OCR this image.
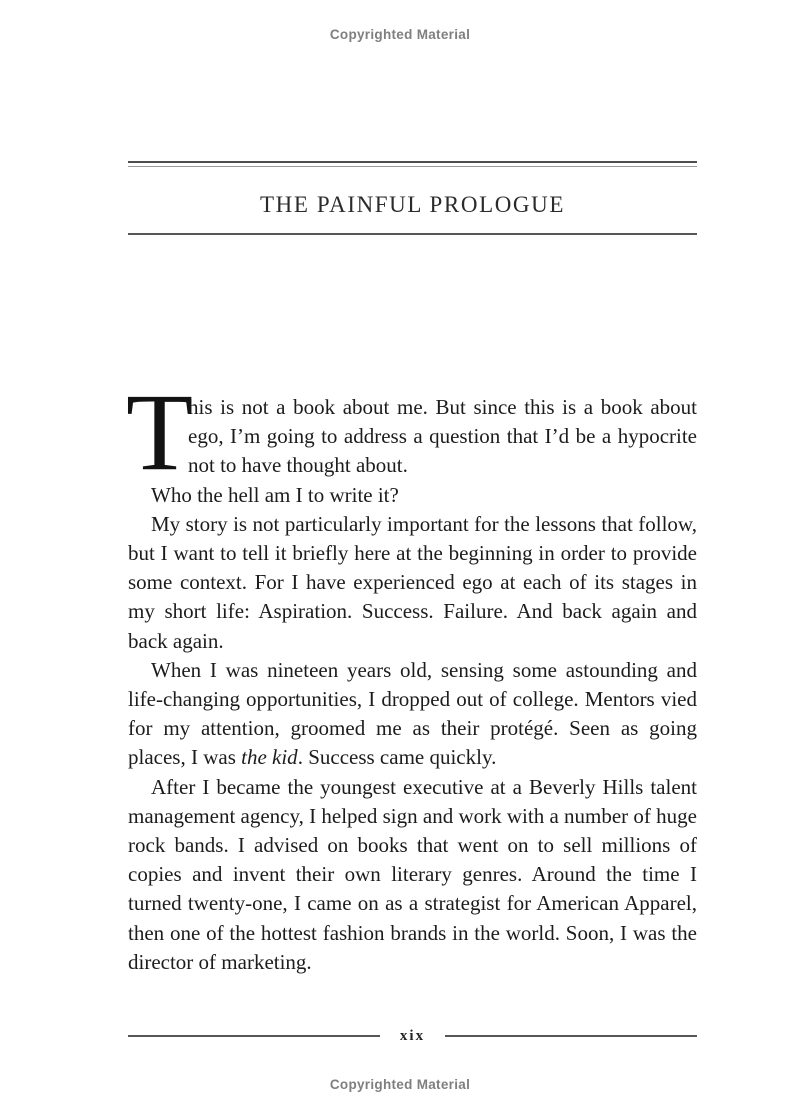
Copyrighted Material
THE PAINFUL PROLOGUE

T
his is not a book about me. But since this is a book about ego, I’m going to address a question that I’d be a hypocrite not to have thought about.

Who the hell am I to write it?

My story is not particularly important for the lessons that follow, but I want to tell it briefly here at the beginning in order to provide some context. For I have experienced ego at each of its stages in my short life: Aspiration. Success. Failure. And back again and back again.

When I was nineteen years old, sensing some astounding and life-changing opportunities, I dropped out of college. Mentors vied for my attention, groomed me as their protégé. Seen as going places, I was the kid. Success came quickly.

After I became the youngest executive at a Beverly Hills talent management agency, I helped sign and work with a number of huge rock bands. I advised on books that went on to sell millions of copies and invent their own literary genres. Around the time I turned twenty-one, I came on as a strategist for American Apparel, then one of the hottest fashion brands in the world. Soon, I was the director of marketing.

xix
Copyrighted Material
